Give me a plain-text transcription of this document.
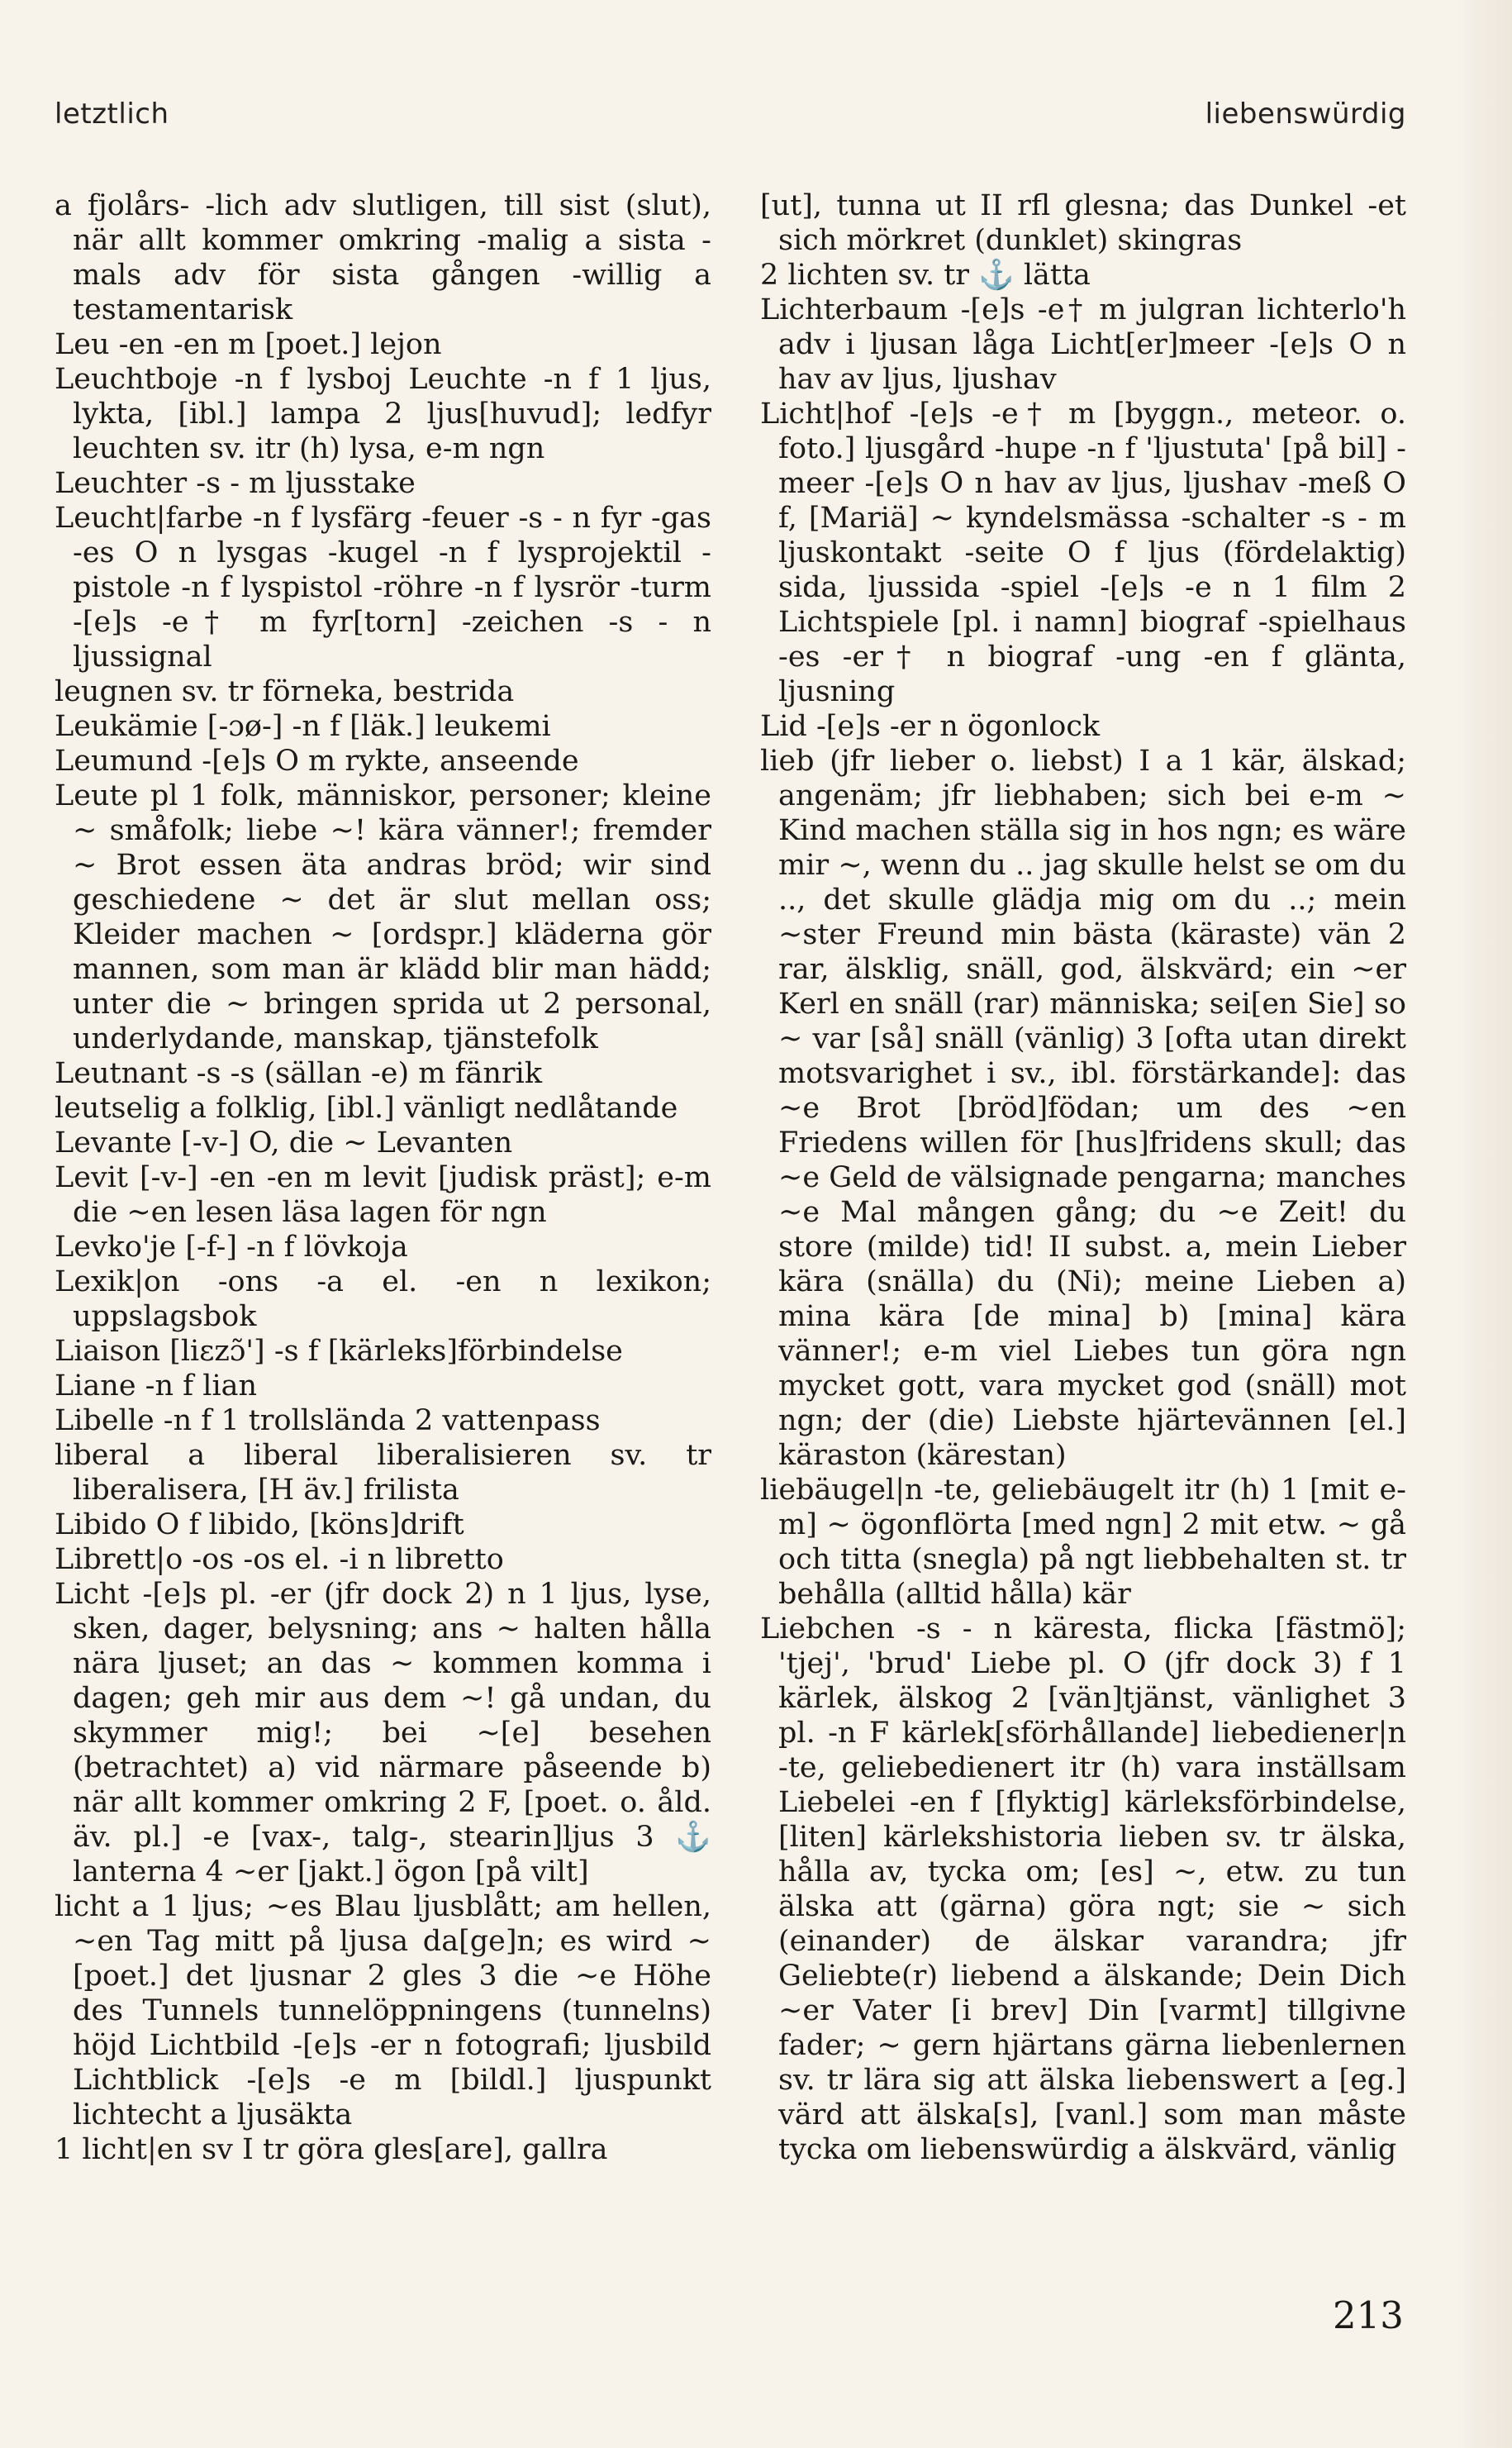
letztlich	liebenswürdig

a fjolårs- -lich adv slutligen, till sist (slut), när allt kommer omkring -malig a sista -mals adv för sista gången -willig a testamentarisk

Leu -en -en m [poet.] lejon

Leuchtboje -n f lysboj Leuchte -n f 1 ljus, lykta, [ibl.] lampa 2 ljus[huvud]; ledfyr leuchten sv. itr (h) lysa, e-m ngn

Leuchter -s - m ljusstake

Leucht|farbe -n f lysfärg -feuer -s - n fyr -gas -es O n lysgas -kugel -n f lysprojektil -pistole -n f lyspistol -röhre -n f lysrör -turm -[e]s -e† m fyr[torn] -zeichen -s - n ljussignal

leugnen sv. tr förneka, bestrida

Leukämie [-ɔø-] -n f [läk.] leukemi

Leumund -[e]s O m rykte, anseende

Leute pl 1 folk, människor, personer; kleine ~ småfolk; liebe ~! kära vänner!; fremder ~ Brot essen äta andras bröd; wir sind geschiedene ~ det är slut mellan oss; Kleider machen ~ [ordspr.] kläderna gör mannen, som man är klädd blir man hädd; unter die ~ bringen sprida ut 2 personal, underlydande, manskap, tjänstefolk

Leutnant -s -s (sällan -e) m fänrik

leutselig a folklig, [ibl.] vänligt nedlåtande

Levante [-v-] O, die ~ Levanten

Levit [-v-] -en -en m levit [judisk präst]; e-m die ~en lesen läsa lagen för ngn

Levko'je [-f-] -n f lövkoja

Lexik|on -ons -a el. -en n lexikon; uppslagsbok

Liaison [liɛzɔ̃'] -s f [kärleks]förbindelse

Liane -n f lian

Libelle -n f 1 trollslända 2 vattenpass

liberal a liberal liberalisieren sv. tr liberalisera, [H äv.] frilista

Libido O f libido, [köns]drift

Librett|o -os -os el. -i n libretto

Licht -[e]s pl. -er (jfr dock 2) n 1 ljus, lyse, sken, dager, belysning; ans ~ halten hålla nära ljuset; an das ~ kommen komma i dagen; geh mir aus dem ~! gå undan, du skymmer mig!; bei ~[e] besehen (betrachtet) a) vid närmare påseende b) när allt kommer omkring 2 F, [poet. o. åld. äv. pl.] -e [vax-, talg-, stearin]ljus 3 ⚓ lanterna 4 ~er [jakt.] ögon [på vilt]

licht a 1 ljus; ~es Blau ljusblått; am hellen, ~en Tag mitt på ljusa da[ge]n; es wird ~ [poet.] det ljusnar 2 gles 3 die ~e Höhe des Tunnels tunnelöppningens (tunnelns) höjd Lichtbild -[e]s -er n fotografi; ljusbild Lichtblick -[e]s -e m [bildl.] ljuspunkt lichtecht a ljusäkta

1 licht|en sv I tr göra gles[are], gallra

[ut], tunna ut II rfl glesna; das Dunkel -et sich mörkret (dunklet) skingras

2 lichten sv. tr ⚓ lätta

Lichterbaum -[e]s -e† m julgran lichterlo'h adv i ljusan låga Licht[er]meer -[e]s O n hav av ljus, ljushav

Licht|hof -[e]s -e† m [byggn., meteor. o. foto.] ljusgård -hupe -n f 'ljustuta' [på bil] -meer -[e]s O n hav av ljus, ljushav -meß O f, [Mariä] ~ kyndelsmässa -schalter -s - m ljuskontakt -seite O f ljus (fördelaktig) sida, ljussida -spiel -[e]s -e n 1 film 2 Lichtspiele [pl. i namn] biograf -spielhaus -es -er† n biograf -ung -en f glänta, ljusning

Lid -[e]s -er n ögonlock

lieb (jfr lieber o. liebst) I a 1 kär, älskad; angenäm; jfr liebhaben; sich bei e-m ~ Kind machen ställa sig in hos ngn; es wäre mir ~, wenn du .. jag skulle helst se om du .., det skulle glädja mig om du ..; mein ~ster Freund min bästa (käraste) vän 2 rar, älsklig, snäll, god, älskvärd; ein ~er Kerl en snäll (rar) människa; sei[en Sie] so ~ var [så] snäll (vänlig) 3 [ofta utan direkt motsvarighet i sv., ibl. förstärkande]: das ~e Brot [bröd]födan; um des ~en Friedens willen för [hus]fridens skull; das ~e Geld de välsignade pengarna; manches ~e Mal mången gång; du ~e Zeit! du store (milde) tid! II subst. a, mein Lieber kära (snälla) du (Ni); meine Lieben a) mina kära [de mina] b) [mina] kära vänner!; e-m viel Liebes tun göra ngn mycket gott, vara mycket god (snäll) mot ngn; der (die) Liebste hjärtevännen [el.] käraston (kärestan)

liebäugel|n -te, geliebäugelt itr (h) 1 [mit e-m] ~ ögonflörta [med ngn] 2 mit etw. ~ gå och titta (snegla) på ngt liebbehalten st. tr behålla (alltid hålla) kär

Liebchen -s - n käresta, flicka [fästmö]; 'tjej', 'brud' Liebe pl. O (jfr dock 3) f 1 kärlek, älskog 2 [vän]tjänst, vänlighet 3 pl. -n F kärlek[sförhållande] liebediener|n -te, geliebedienert itr (h) vara inställsam Liebelei -en f [flyktig] kärleksförbindelse, [liten] kärlekshistoria lieben sv. tr älska, hålla av, tycka om; [es] ~, etw. zu tun älska att (gärna) göra ngt; sie ~ sich (einander) de älskar varandra; jfr Geliebte(r) liebend a älskande; Dein Dich ~er Vater [i brev] Din [varmt] tillgivne fader; ~ gern hjärtans gärna liebenlernen sv. tr lära sig att älska liebenswert a [eg.] värd att älska[s], [vanl.] som man måste tycka om liebenswürdig a älskvärd, vänlig

213
